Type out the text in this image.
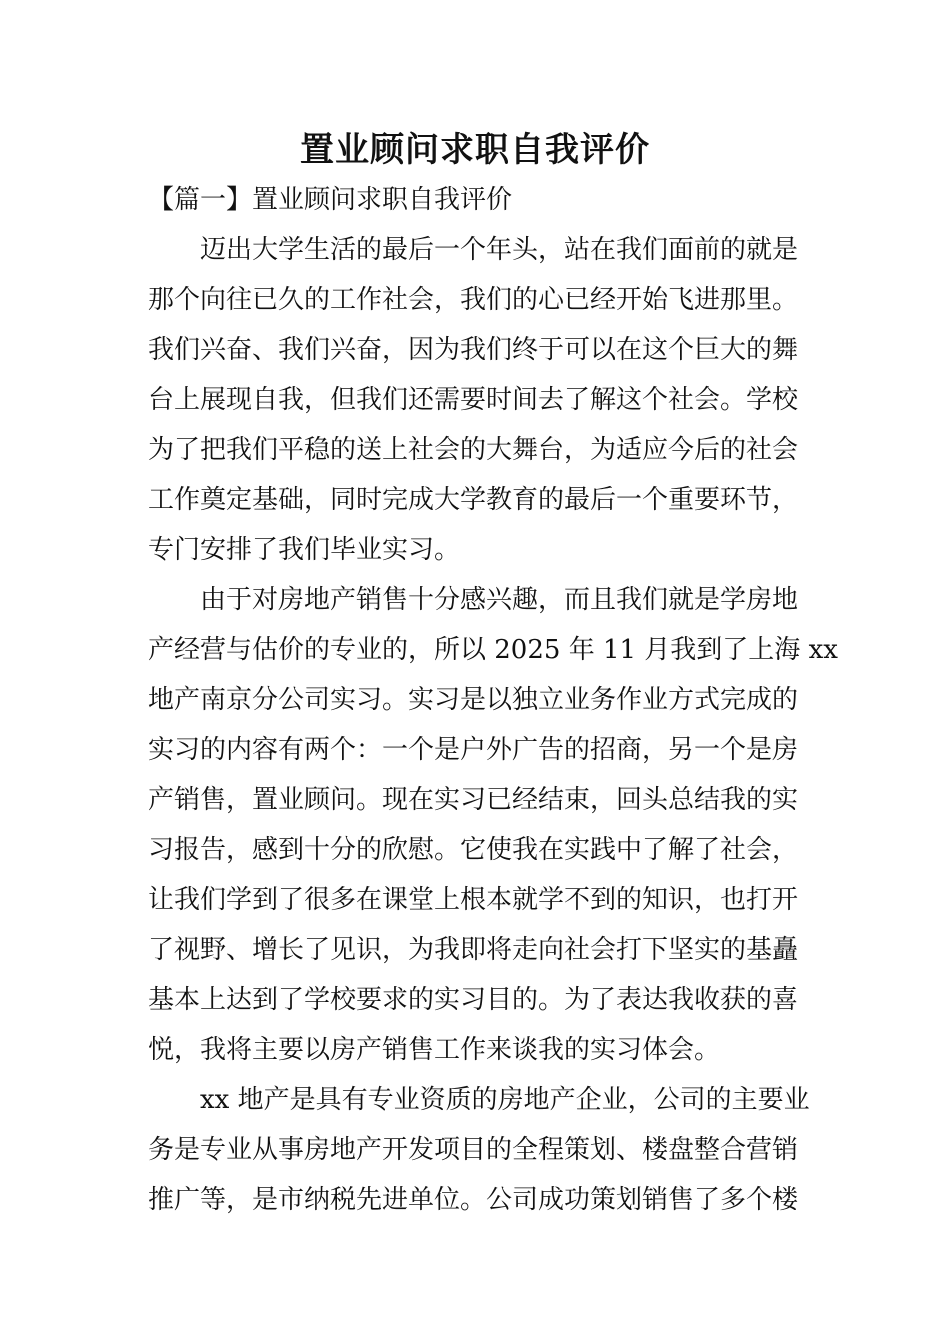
置业顾问求职自我评价
【篇一】置业顾问求职自我评价
迈出大学生活的最后一个年头，站在我们面前的就是
那个向往已久的工作社会，我们的心已经开始飞进那里。
我们兴奋、我们兴奋，因为我们终于可以在这个巨大的舞
台上展现自我，但我们还需要时间去了解这个社会。学校
为了把我们平稳的送上社会的大舞台，为适应今后的社会
工作奠定基础，同时完成大学教育的最后一个重要环节，
专门安排了我们毕业实习。
由于对房地产销售十分感兴趣，而且我们就是学房地
产经营与估价的专业的，所以 2025 年 11 月我到了上海 xx
地产南京分公司实习。实习是以独立业务作业方式完成的
实习的内容有两个：一个是户外广告的招商，另一个是房
产销售，置业顾问。现在实习已经结束，回头总结我的实
习报告，感到十分的欣慰。它使我在实践中了解了社会，
让我们学到了很多在课堂上根本就学不到的知识，也打开
了视野、增长了见识，为我即将走向社会打下坚实的基矗
基本上达到了学校要求的实习目的。为了表达我收获的喜
悦，我将主要以房产销售工作来谈我的实习体会。
xx 地产是具有专业资质的房地产企业，公司的主要业
务是专业从事房地产开发项目的全程策划、楼盘整合营销
推广等，是市纳税先进单位。公司成功策划销售了多个楼
